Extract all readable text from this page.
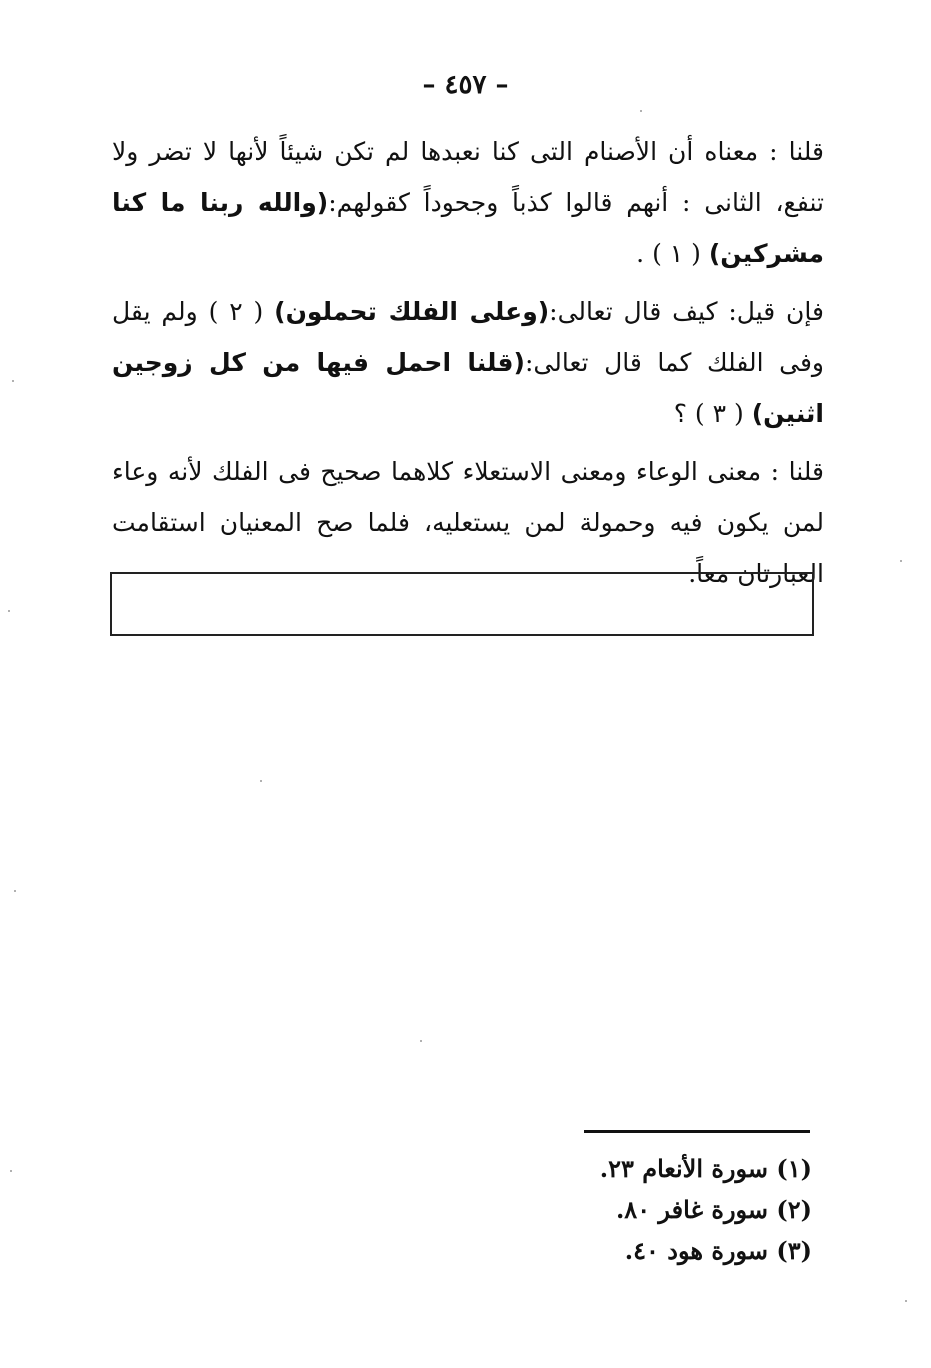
– ٤٥٧ –

قلنا : معناه أن الأصنام التى كنا نعبدها لم تكن شيئاً لأنها لا تضر ولا تنفع، الثانى : أنهم قالوا كذباً وجحوداً كقولهم:(والله ربنا ما كنا مشركين) ( ١ ) .

فإن قيل: كيف قال تعالى:(وعلى الفلك تحملون) ( ٢ ) ولم يقل وفى الفلك كما قال تعالى:(قلنا احمل فيها من كل زوجين اثنين) ( ٣ ) ؟

قلنا : معنى الوعاء ومعنى الاستعلاء كلاهما صحيح فى الفلك لأنه وعاء لمن يكون فيه وحمولة لمن يستعليه، فلما صح المعنيان استقامت العبارتان معاً.

(١) سورة الأنعام ٢٣.

(٢) سورة غافر ٨٠.

(٣) سورة هود ٤٠.
